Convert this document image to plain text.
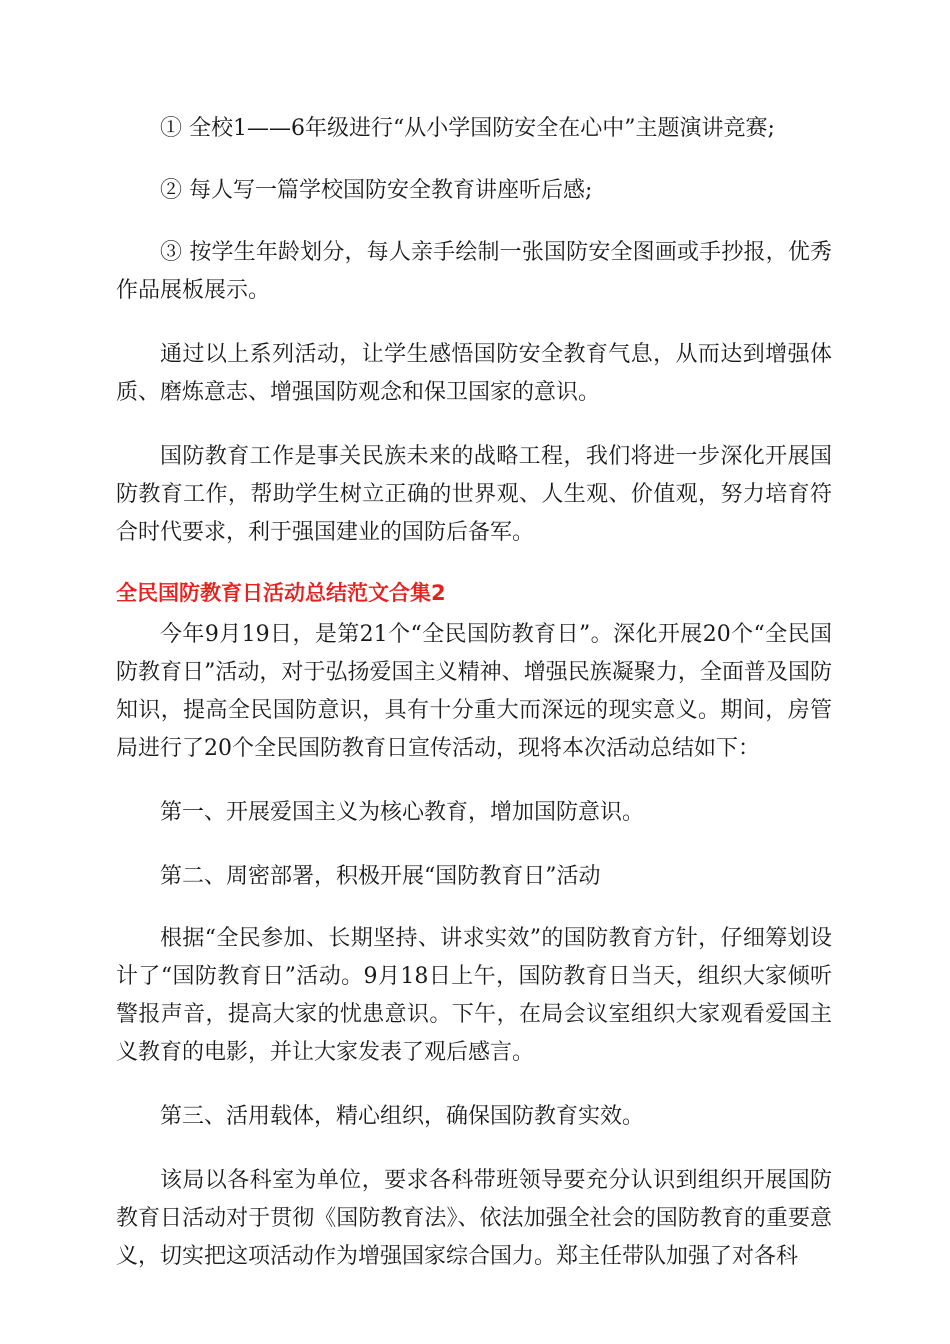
① 全校1——6年级进行“从小学国防安全在心中”主题演讲竞赛;

② 每人写一篇学校国防安全教育讲座听后感;

③ 按学生年龄划分，每人亲手绘制一张国防安全图画或手抄报，优秀作品展板展示。

通过以上系列活动，让学生感悟国防安全教育气息，从而达到增强体质、磨炼意志、增强国防观念和保卫国家的意识。

国防教育工作是事关民族未来的战略工程，我们将进一步深化开展国防教育工作，帮助学生树立正确的世界观、人生观、价值观，努力培育符合时代要求，利于强国建业的国防后备军。

全民国防教育日活动总结范文合集2

今年9月19日，是第21个“全民国防教育日”。深化开展20个“全民国防教育日”活动，对于弘扬爱国主义精神、增强民族凝聚力，全面普及国防知识，提高全民国防意识，具有十分重大而深远的现实意义。期间，房管局进行了20个全民国防教育日宣传活动，现将本次活动总结如下：

第一、开展爱国主义为核心教育，增加国防意识。

第二、周密部署，积极开展“国防教育日”活动

根据“全民参加、长期坚持、讲求实效”的国防教育方针，仔细筹划设计了“国防教育日”活动。9月18日上午，国防教育日当天，组织大家倾听警报声音，提高大家的忧患意识。下午，在局会议室组织大家观看爱国主义教育的电影，并让大家发表了观后感言。

第三、活用载体，精心组织，确保国防教育实效。

该局以各科室为单位，要求各科带班领导要充分认识到组织开展国防教育日活动对于贯彻《国防教育法》、依法加强全社会的国防教育的重要意义，切实把这项活动作为增强国家综合国力。郑主任带队加强了对各科
